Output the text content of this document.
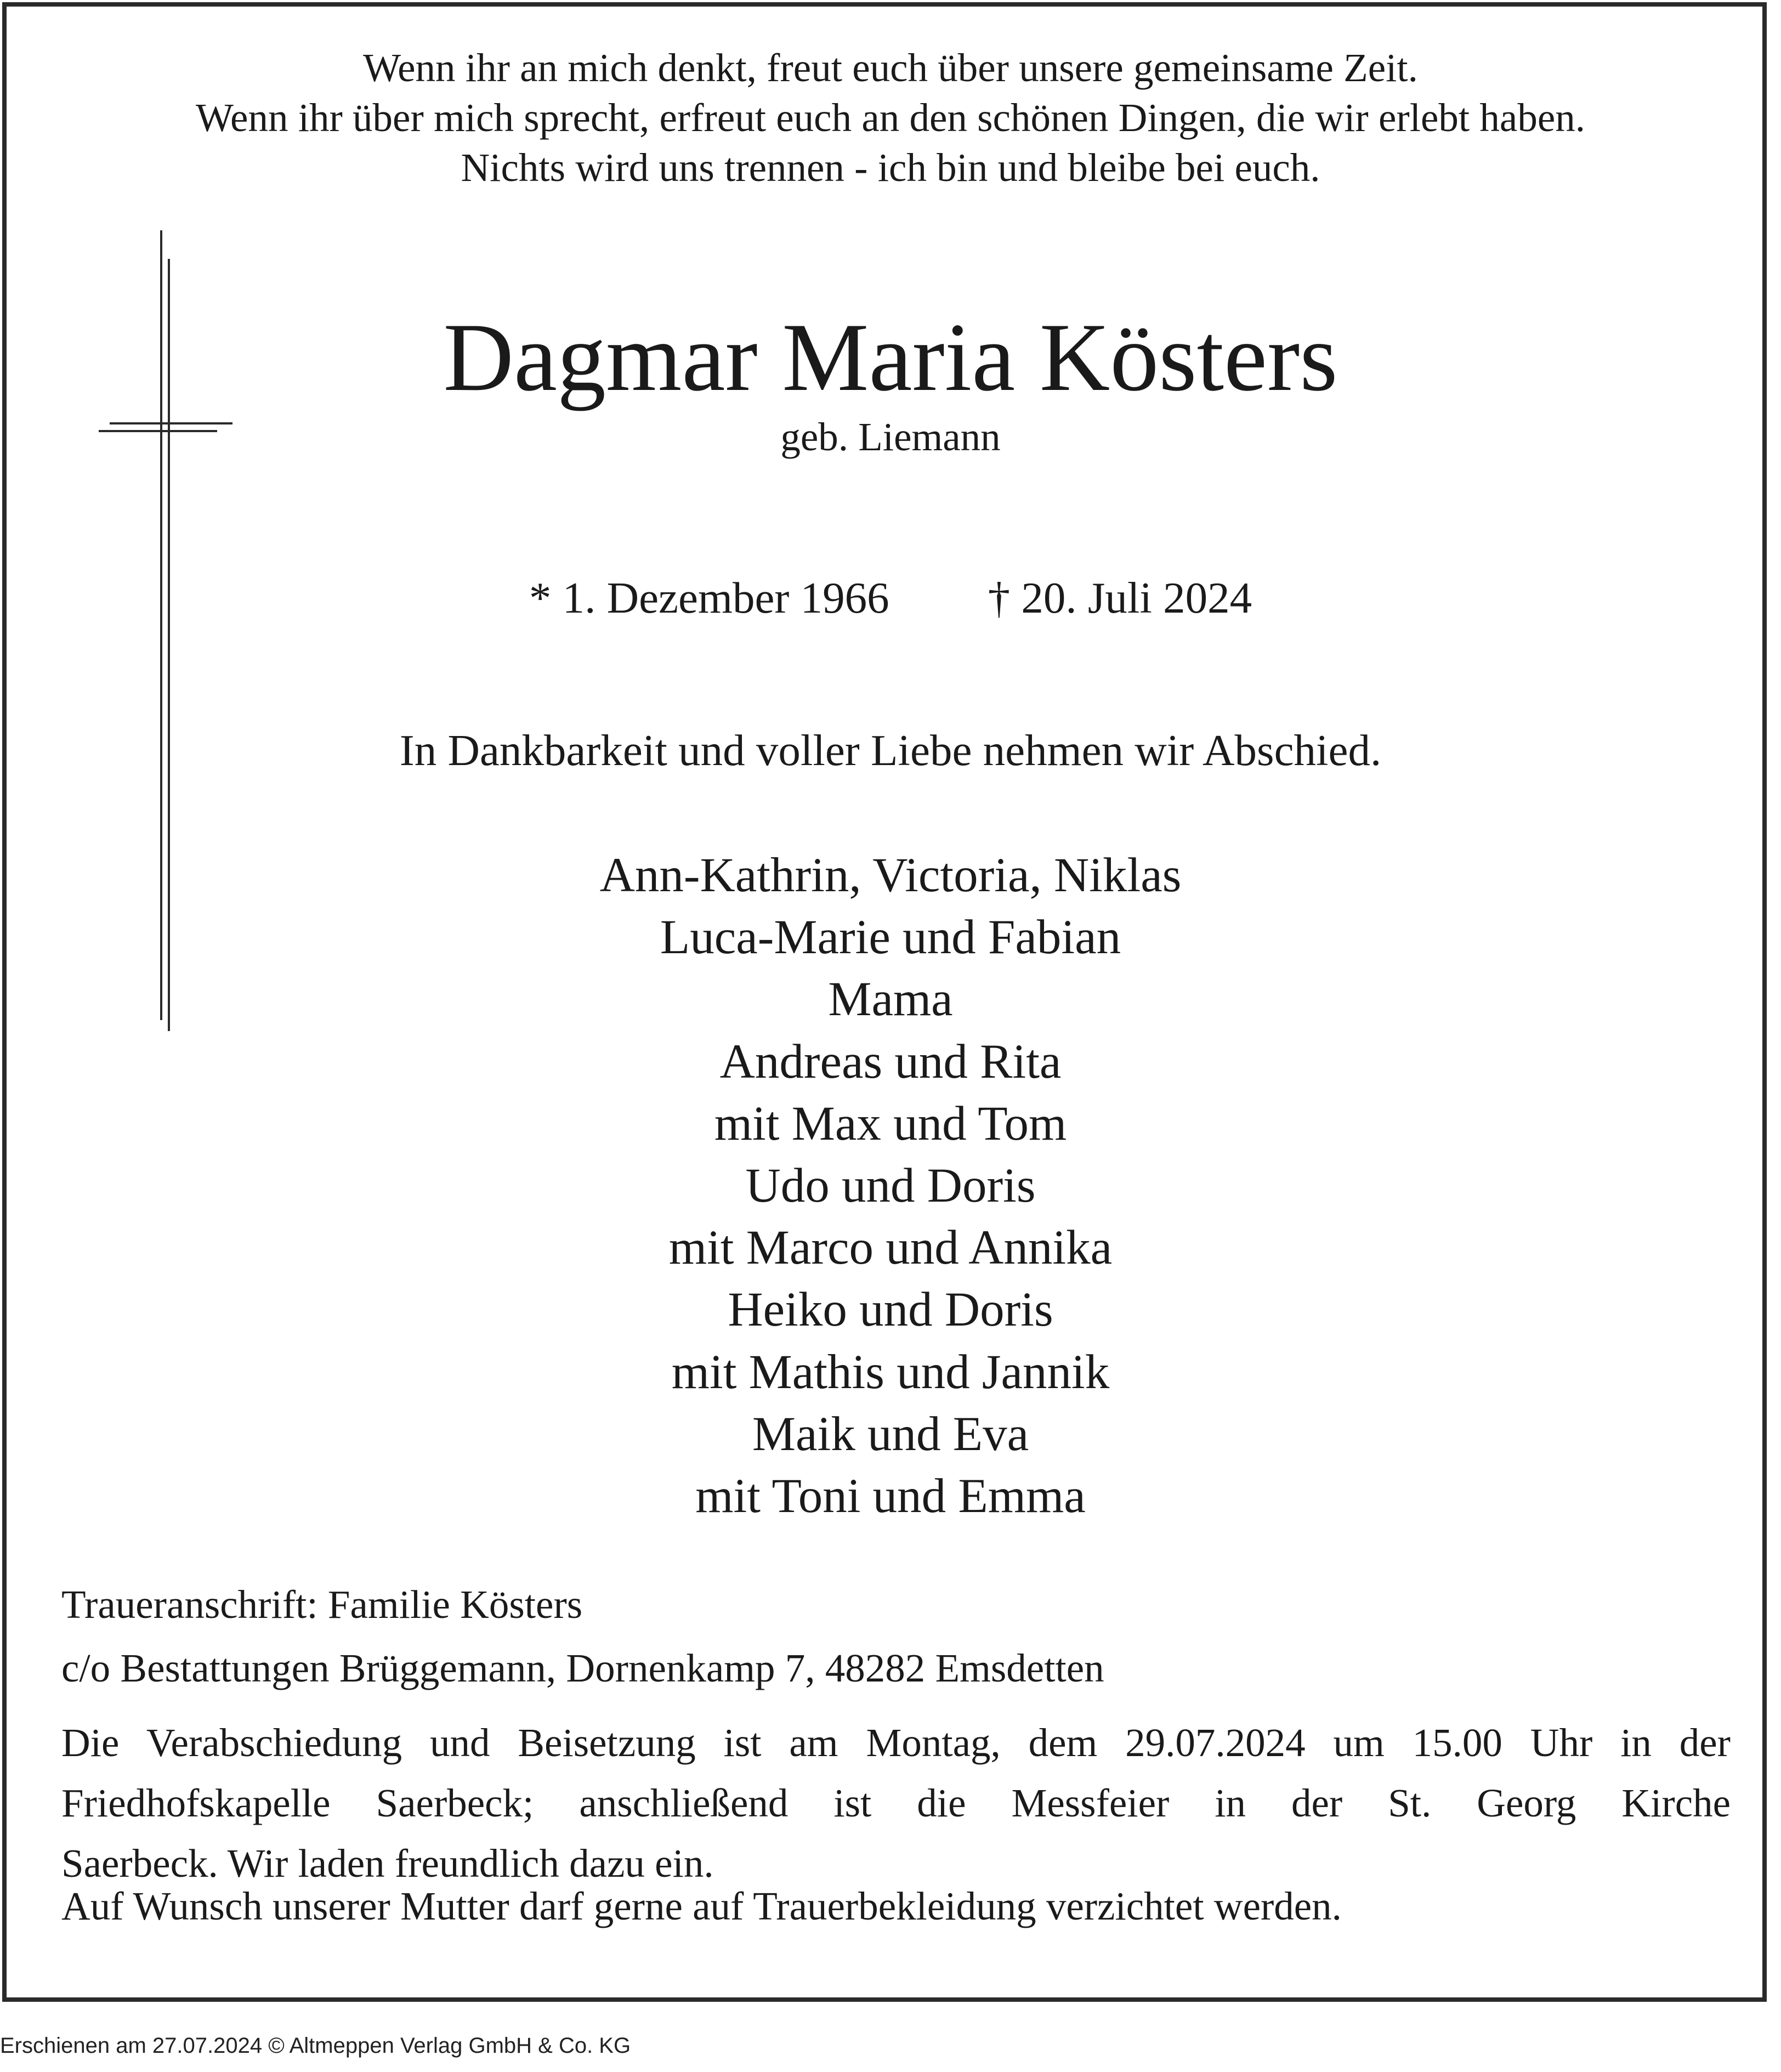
Wenn ihr an mich denkt, freut euch über unsere gemeinsame Zeit.
Wenn ihr über mich sprecht, erfreut euch an den schönen Dingen, die wir erlebt haben.
Nichts wird uns trennen - ich bin und bleibe bei euch.
Dagmar Maria Kösters
geb. Liemann
* 1. Dezember 1966 † 20. Juli 2024
In Dankbarkeit und voller Liebe nehmen wir Abschied.
Ann-Kathrin, Victoria, Niklas
Luca-Marie und Fabian
Mama
Andreas und Rita
mit Max und Tom
Udo und Doris
mit Marco und Annika
Heiko und Doris
mit Mathis und Jannik
Maik und Eva
mit Toni und Emma
Traueranschrift: Familie Kösters
c/o Bestattungen Brüggemann, Dornenkamp 7, 48282 Emsdetten
Die Verabschiedung und Beisetzung ist am Montag, dem 29.07.2024 um 15.00 Uhr in der
Friedhofskapelle Saerbeck; anschließend ist die Messfeier in der St. Georg Kirche
Saerbeck. Wir laden freundlich dazu ein.
Auf Wunsch unserer Mutter darf gerne auf Trauerbekleidung verzichtet werden.
Erschienen am 27.07.2024 © Altmeppen Verlag GmbH & Co. KG
